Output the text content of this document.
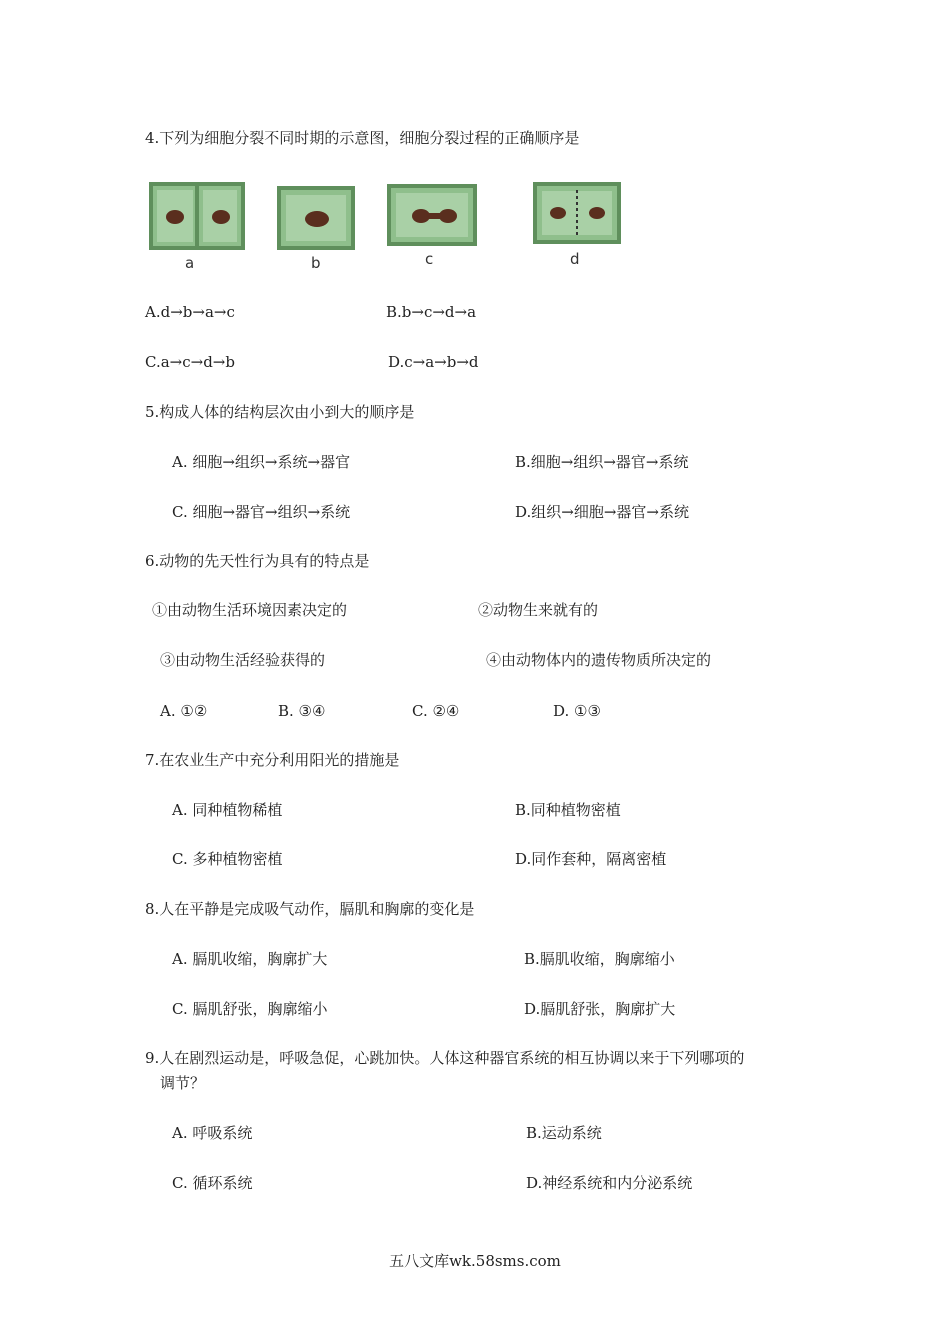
4.下列为细胞分裂不同时期的示意图，细胞分裂过程的正确顺序是
a	b	c	d
A.d→b→a→c	B.b→c→d→a
C.a→c→d→b	D.c→a→b→d
5.构成人体的结构层次由小到大的顺序是
A. 细胞→组织→系统→器官	B.细胞→组织→器官→系统
C. 细胞→器官→组织→系统	D.组织→细胞→器官→系统
6.动物的先天性行为具有的特点是
①由动物生活环境因素决定的	②动物生来就有的
③由动物生活经验获得的	④由动物体内的遗传物质所决定的
A. ①②	B. ③④	C. ②④	D. ①③
7.在农业生产中充分利用阳光的措施是
A. 同种植物稀植	B.同种植物密植
C. 多种植物密植	D.同作套种，隔离密植
8.人在平静是完成吸气动作，膈肌和胸廓的变化是
A. 膈肌收缩，胸廓扩大	B.膈肌收缩，胸廓缩小
C. 膈肌舒张，胸廓缩小	D.膈肌舒张，胸廓扩大
9.人在剧烈运动是，呼吸急促，心跳加快。人体这种器官系统的相互协调以来于下列哪项的
调节？
A. 呼吸系统	B.运动系统
C. 循环系统	D.神经系统和内分泌系统
五八文库wk.58sms.com
